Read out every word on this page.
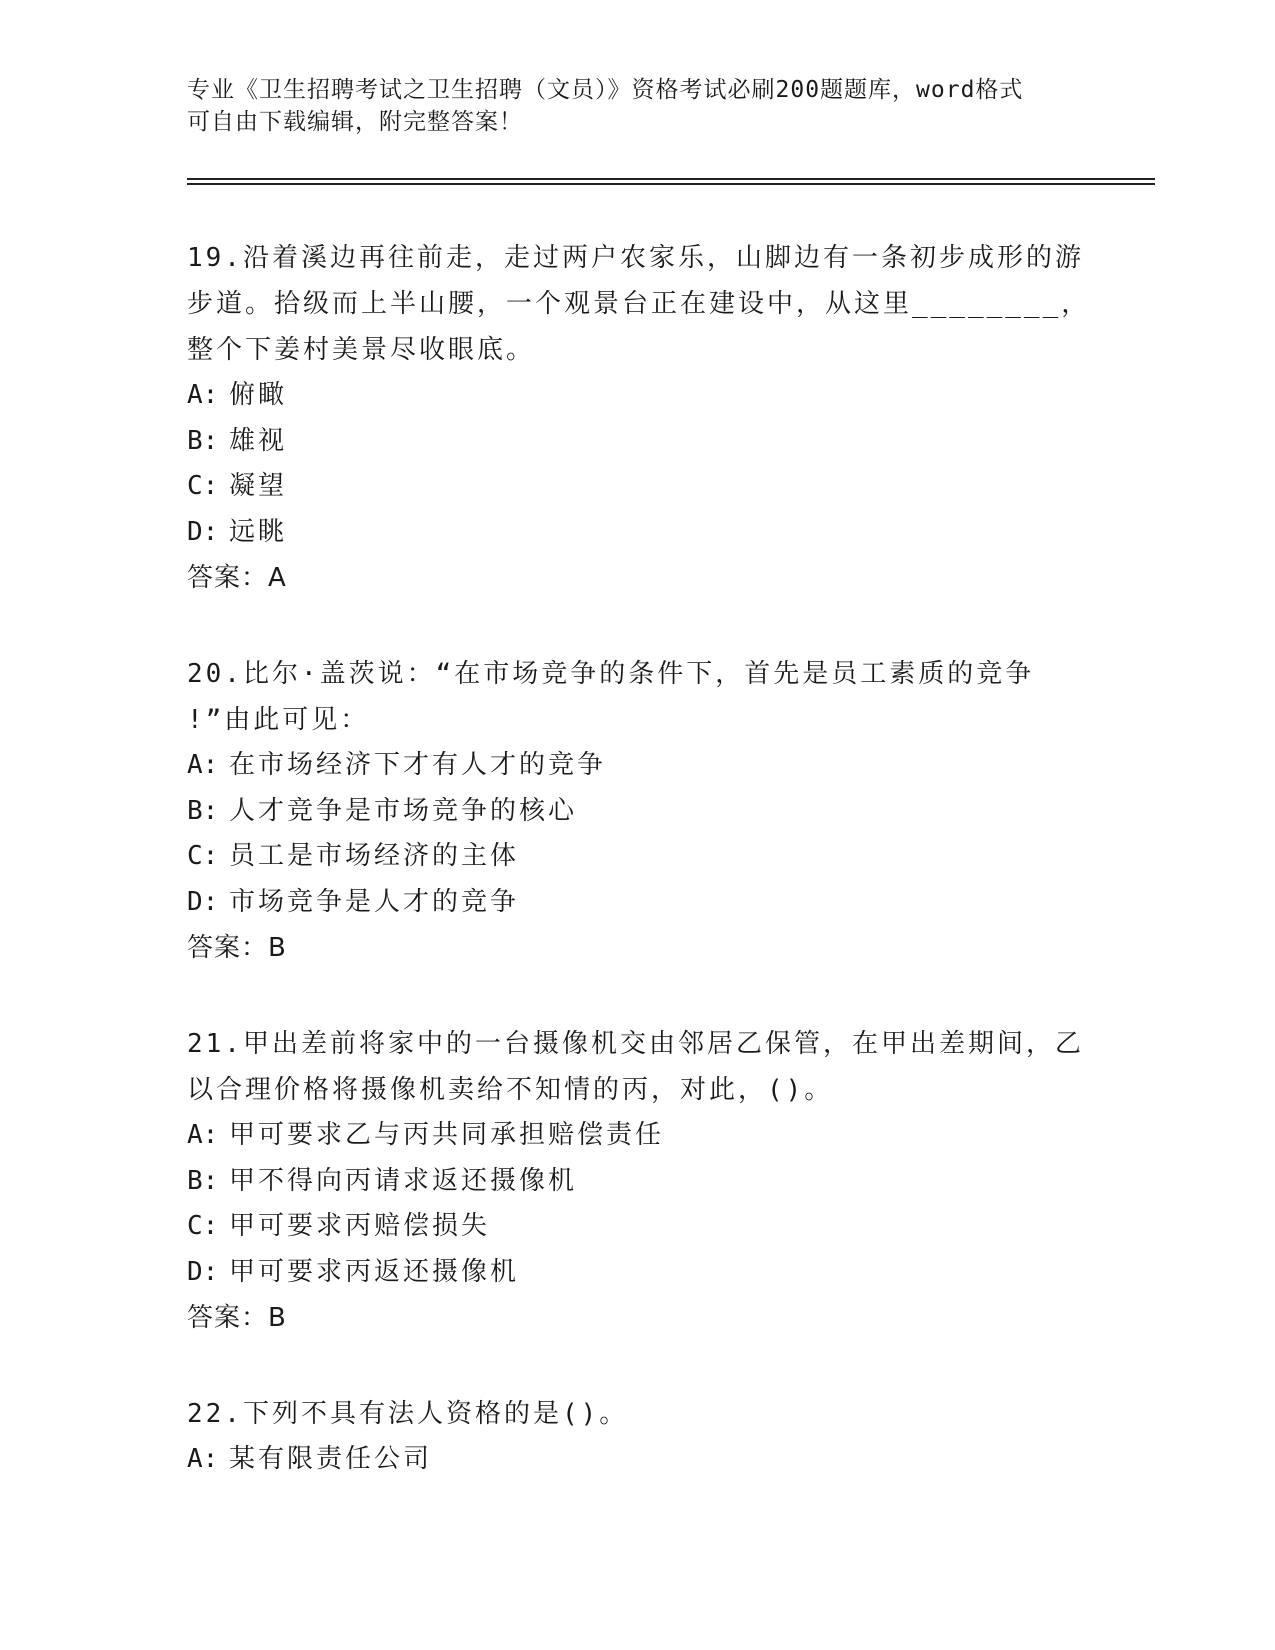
专业《卫生招聘考试之卫生招聘（文员）》资格考试必刷200题题库，word格式
可自由下载编辑，附完整答案！
19.沿着溪边再往前走，走过两户农家乐，山脚边有一条初步成形的游
步道。拾级而上半山腰，一个观景台正在建设中，从这里________，
整个下姜村美景尽收眼底。
A: 俯瞰
B: 雄视
C: 凝望
D: 远眺
答案：A
20.比尔·盖茨说：“在市场竞争的条件下，首先是员工素质的竞争
!”由此可见：
A: 在市场经济下才有人才的竞争
B: 人才竞争是市场竞争的核心
C: 员工是市场经济的主体
D: 市场竞争是人才的竞争
答案：B
21.甲出差前将家中的一台摄像机交由邻居乙保管，在甲出差期间，乙
以合理价格将摄像机卖给不知情的丙，对此，()。
A: 甲可要求乙与丙共同承担赔偿责任
B: 甲不得向丙请求返还摄像机
C: 甲可要求丙赔偿损失
D: 甲可要求丙返还摄像机
答案：B
22.下列不具有法人资格的是()。
A: 某有限责任公司
